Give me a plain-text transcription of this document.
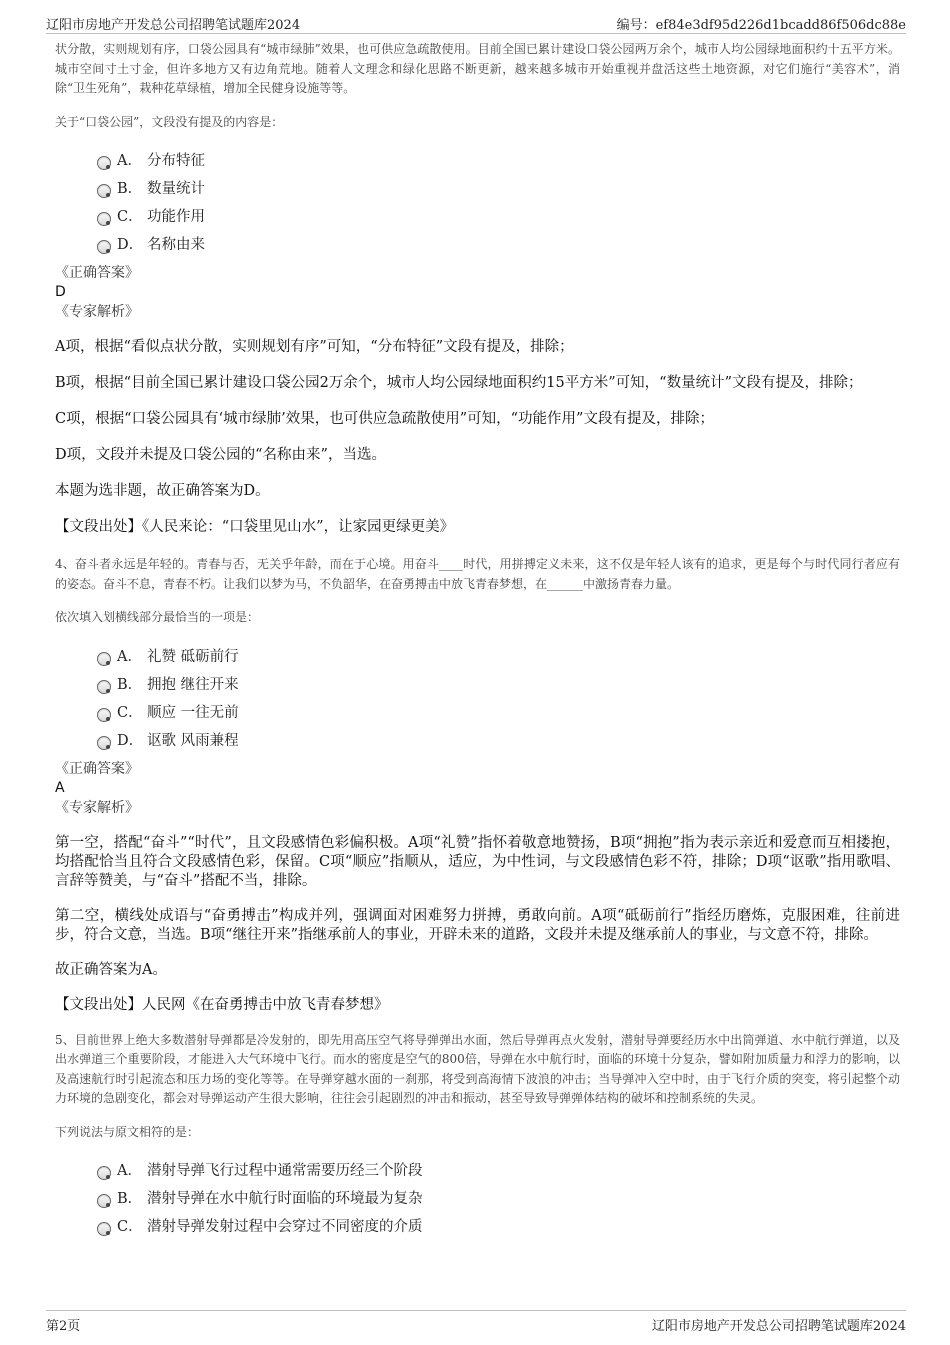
辽阳市房地产开发总公司招聘笔试题库2024	编号：ef84e3df95d226d1bcadd86f506dc88e

状分散，实则规划有序，口袋公园具有“城市绿肺”效果，也可供应急疏散使用。目前全国已累计建设口袋公园两万余个，城市人均公园绿地面积约十五平方米。城市空间寸土寸金，但许多地方又有边角荒地。随着人文理念和绿化思路不断更新，越来越多城市开始重视并盘活这些土地资源，对它们施行“美容术”，消除“卫生死角”，栽种花草绿植，增加全民健身设施等等。

关于“口袋公园”，文段没有提及的内容是：

A． 分布特征
B． 数量统计
C． 功能作用
D． 名称由来

《正确答案》

D

《专家解析》

A项，根据“看似点状分散，实则规划有序”可知，“分布特征”文段有提及，排除；

B项，根据“目前全国已累计建设口袋公园2万余个，城市人均公园绿地面积约15平方米”可知，“数量统计”文段有提及，排除；

C项，根据“口袋公园具有‘城市绿肺’效果，也可供应急疏散使用”可知，“功能作用”文段有提及，排除；

D项，文段并未提及口袋公园的“名称由来”，当选。

本题为选非题，故正确答案为D。

【文段出处】《人民来论：“口袋里见山水”，让家园更绿更美》

4、奋斗者永远是年轻的。青春与否，无关乎年龄，而在于心境。用奋斗____时代，用拼搏定义未来，这不仅是年轻人该有的追求，更是每个与时代同行者应有的姿态。奋斗不息，青春不朽。让我们以梦为马，不负韶华，在奋勇搏击中放飞青春梦想，在______中激扬青春力量。

依次填入划横线部分最恰当的一项是：

A． 礼赞 砥砺前行
B． 拥抱 继往开来
C． 顺应 一往无前
D． 讴歌 风雨兼程

《正确答案》

A

《专家解析》

第一空，搭配“奋斗”“时代”，且文段感情色彩偏积极。A项“礼赞”指怀着敬意地赞扬，B项“拥抱”指为表示亲近和爱意而互相搂抱，均搭配恰当且符合文段感情色彩，保留。C项“顺应”指顺从，适应，为中性词，与文段感情色彩不符，排除；D项“讴歌”指用歌唱、言辞等赞美，与“奋斗”搭配不当，排除。

第二空，横线处成语与“奋勇搏击”构成并列，强调面对困难努力拼搏，勇敢向前。A项“砥砺前行”指经历磨炼，克服困难，往前进步，符合文意，当选。B项“继往开来”指继承前人的事业，开辟未来的道路，文段并未提及继承前人的事业，与文意不符，排除。

故正确答案为A。

【文段出处】人民网《在奋勇搏击中放飞青春梦想》

5、目前世界上绝大多数潜射导弹都是冷发射的，即先用高压空气将导弹弹出水面，然后导弹再点火发射，潜射导弹要经历水中出筒弹道、水中航行弹道，以及出水弹道三个重要阶段，才能进入大气环境中飞行。而水的密度是空气的800倍，导弹在水中航行时，面临的环境十分复杂，譬如附加质量力和浮力的影响，以及高速航行时引起流态和压力场的变化等等。在导弹穿越水面的一刹那，将受到高海情下波浪的冲击；当导弹冲入空中时，由于飞行介质的突变，将引起整个动力环境的急剧变化，都会对导弹运动产生很大影响，往往会引起剧烈的冲击和振动，甚至导致导弹弹体结构的破坏和控制系统的失灵。

下列说法与原文相符的是：

A． 潜射导弹飞行过程中通常需要历经三个阶段
B． 潜射导弹在水中航行时面临的环境最为复杂
C． 潜射导弹发射过程中会穿过不同密度的介质
第2页	辽阳市房地产开发总公司招聘笔试题库2024
